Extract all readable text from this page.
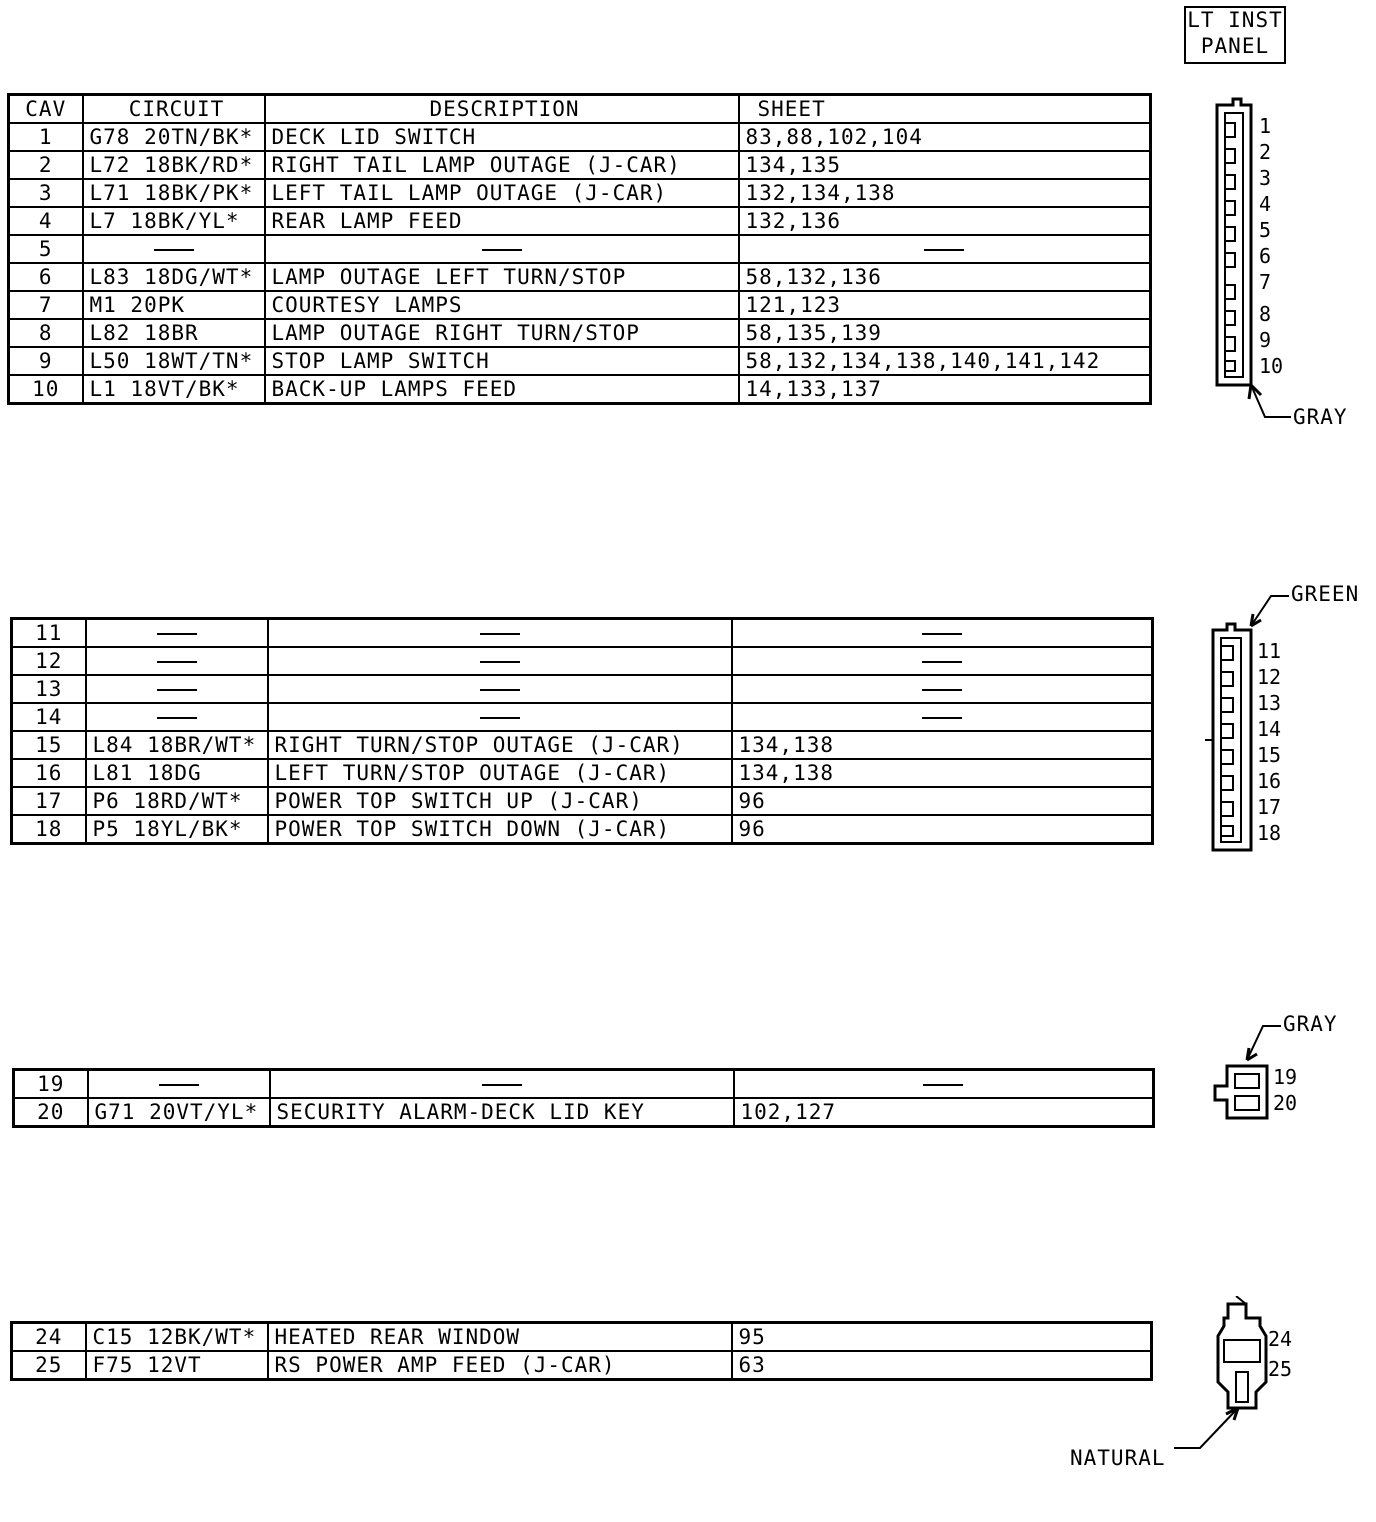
LT INST
PANEL
CAV	CIRCUIT	DESCRIPTION	SHEET
1	G78 20TN/BK*	DECK LID SWITCH	83,88,102,104
2	L72 18BK/RD*	RIGHT TAIL LAMP OUTAGE (J-CAR)	134,135
3	L71 18BK/PK*	LEFT TAIL LAMP OUTAGE (J-CAR)	132,134,138
4	L7 18BK/YL*	REAR LAMP FEED	132,136
5			
6	L83 18DG/WT*	LAMP OUTAGE LEFT TURN/STOP	58,132,136
7	M1 20PK	COURTESY LAMPS	121,123
8	L82 18BR	LAMP OUTAGE RIGHT TURN/STOP	58,135,139
9	L50 18WT/TN*	STOP LAMP SWITCH	58,132,134,138,140,141,142
10	L1 18VT/BK*	BACK-UP LAMPS FEED	14,133,137
11			
12			
13			
14			
15	L84 18BR/WT*	RIGHT TURN/STOP OUTAGE (J-CAR)	134,138
16	L81 18DG	LEFT TURN/STOP OUTAGE (J-CAR)	134,138
17	P6 18RD/WT*	POWER TOP SWITCH UP (J-CAR)	96
18	P5 18YL/BK*	POWER TOP SWITCH DOWN (J-CAR)	96
19			
20	G71 20VT/YL*	SECURITY ALARM-DECK LID KEY	102,127
24	C15 12BK/WT*	HEATED REAR WINDOW	95
25	F75 12VT	RS POWER AMP FEED (J-CAR)	63
1
2
3
4
5
6
7
8
9
10
GRAY
GREEN
11
12
13
14
15
16
17
18
GRAY
19
20
24
25
NATURAL
